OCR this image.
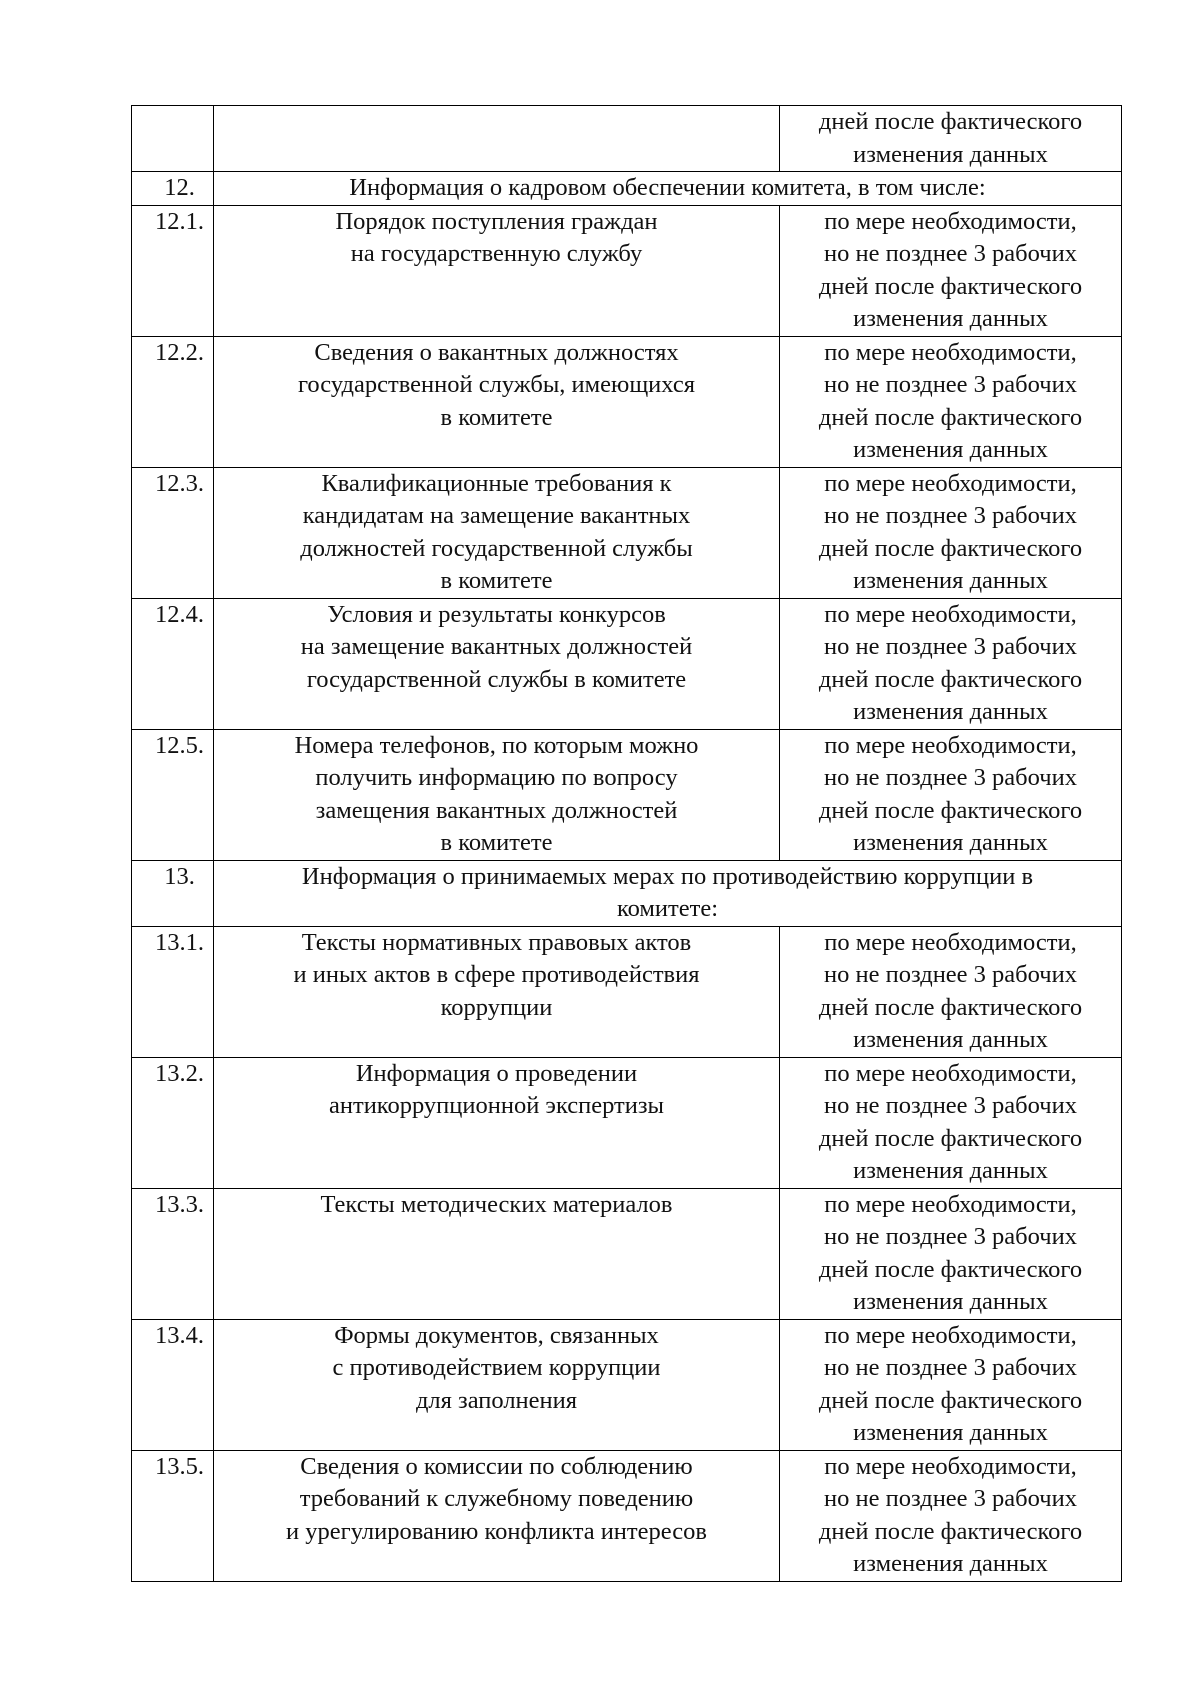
		дней после фактического
изменения данных

12.	Информация о кадровом обеспечении комитета, в том числе:	

12.1.	Порядок поступления граждан
на государственную службу	по мере необходимости,
но не позднее 3 рабочих
дней после фактического
изменения данных

12.2.	Сведения о вакантных должностях
государственной службы, имеющихся
в комитете	по мере необходимости,
но не позднее 3 рабочих
дней после фактического
изменения данных

12.3.	Квалификационные требования к
кандидатам на замещение вакантных
должностей государственной службы
в комитете	по мере необходимости,
но не позднее 3 рабочих
дней после фактического
изменения данных

12.4.	Условия и результаты конкурсов
на замещение вакантных должностей
государственной службы в комитете	по мере необходимости,
но не позднее 3 рабочих
дней после фактического
изменения данных

12.5.	Номера телефонов, по которым можно
получить информацию по вопросу
замещения вакантных должностей
в комитете	по мере необходимости,
но не позднее 3 рабочих
дней после фактического
изменения данных

13.	Информация о принимаемых мерах по противодействию коррупции в
комитете:	

13.1.	Тексты нормативных правовых актов
и иных актов в сфере противодействия
коррупции	по мере необходимости,
но не позднее 3 рабочих
дней после фактического
изменения данных

13.2.	Информация о проведении
антикоррупционной экспертизы	по мере необходимости,
но не позднее 3 рабочих
дней после фактического
изменения данных

13.3.	Тексты методических материалов	по мере необходимости,
но не позднее 3 рабочих
дней после фактического
изменения данных

13.4.	Формы документов, связанных
с противодействием коррупции
для заполнения	по мере необходимости,
но не позднее 3 рабочих
дней после фактического
изменения данных

13.5.	Сведения о комиссии по соблюдению
требований к служебному поведению
и урегулированию конфликта интересов	по мере необходимости,
но не позднее 3 рабочих
дней после фактического
изменения данных
